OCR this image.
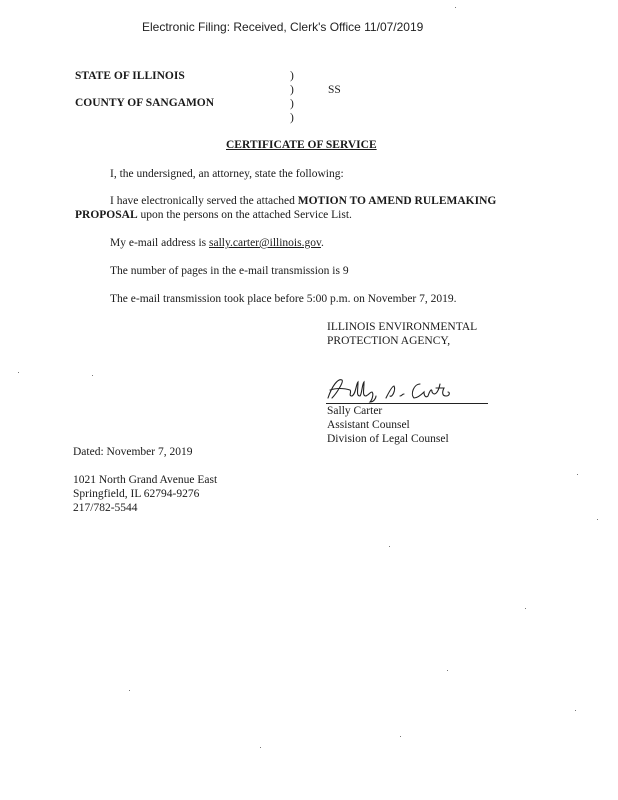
Electronic Filing: Received, Clerk's Office 11/07/2019
STATE OF ILLINOIS
COUNTY OF SANGAMON
)
)
)
)
SS
CERTIFICATE OF SERVICE
I, the undersigned, an attorney, state the following:
I have electronically served the attached MOTION TO AMEND RULEMAKING
PROPOSAL upon the persons on the attached Service List.
My e-mail address is sally.carter@illinois.gov.
The number of pages in the e-mail transmission is 9
The e-mail transmission took place before 5:00 p.m. on November 7, 2019.
ILLINOIS ENVIRONMENTAL
PROTECTION AGENCY,
Sally Carter
Assistant Counsel
Division of Legal Counsel
Dated: November 7, 2019
1021 North Grand Avenue East
Springfield, IL 62794-9276
217/782-5544
